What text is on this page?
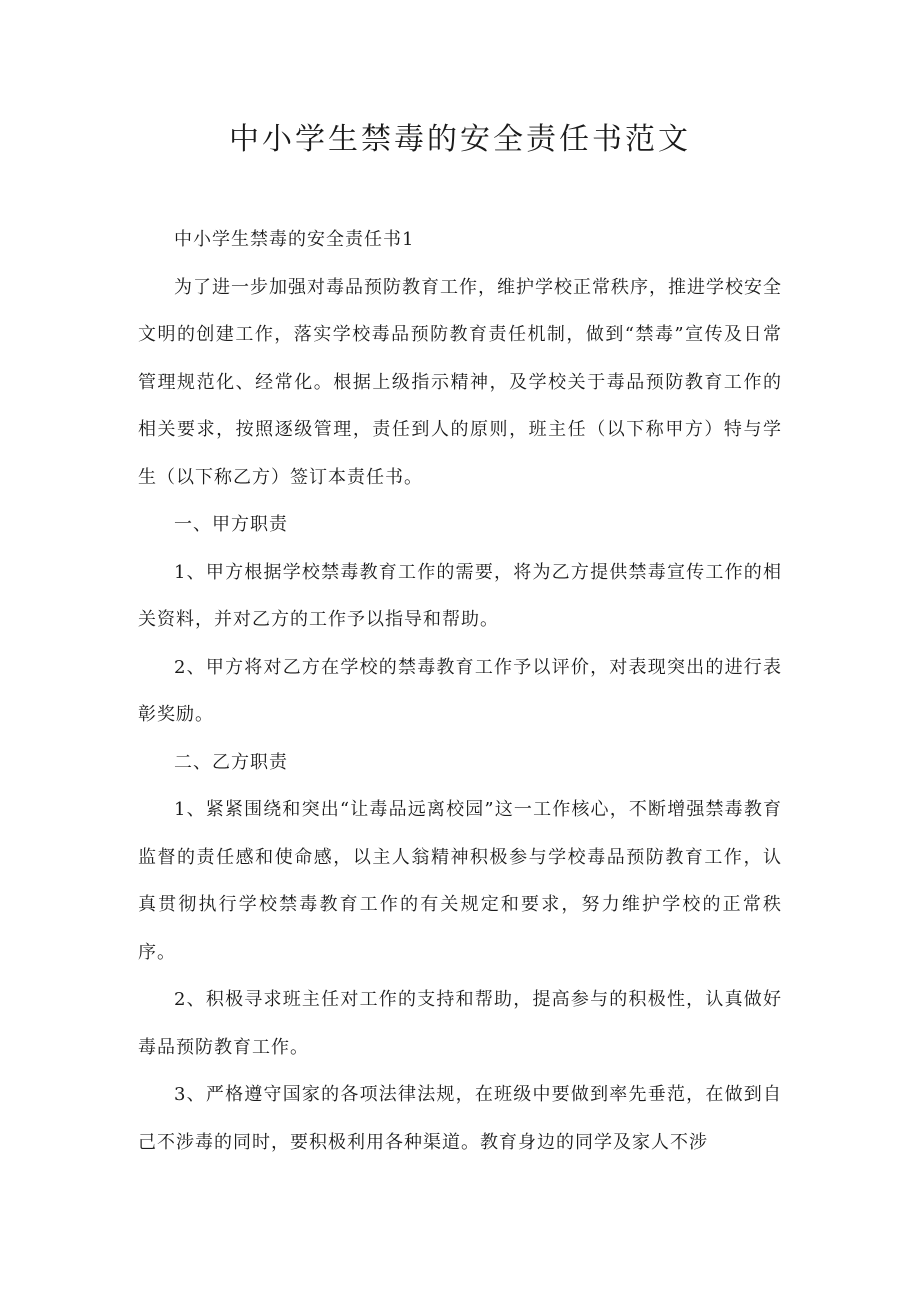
中小学生禁毒的安全责任书范文

中小学生禁毒的安全责任书1

为了进一步加强对毒品预防教育工作，维护学校正常秩序，推进学校安全文明的创建工作，落实学校毒品预防教育责任机制，做到“禁毒”宣传及日常管理规范化、经常化。根据上级指示精神，及学校关于毒品预防教育工作的相关要求，按照逐级管理，责任到人的原则，班主任（以下称甲方）特与学生（以下称乙方）签订本责任书。

一、甲方职责

1、甲方根据学校禁毒教育工作的需要，将为乙方提供禁毒宣传工作的相关资料，并对乙方的工作予以指导和帮助。

2、甲方将对乙方在学校的禁毒教育工作予以评价，对表现突出的进行表彰奖励。

二、乙方职责

1、紧紧围绕和突出“让毒品远离校园”这一工作核心，不断增强禁毒教育监督的责任感和使命感，以主人翁精神积极参与学校毒品预防教育工作，认真贯彻执行学校禁毒教育工作的有关规定和要求，努力维护学校的正常秩序。

2、积极寻求班主任对工作的支持和帮助，提高参与的积极性，认真做好毒品预防教育工作。

3、严格遵守国家的各项法律法规，在班级中要做到率先垂范，在做到自己不涉毒的同时，要积极利用各种渠道。教育身边的同学及家人不涉
